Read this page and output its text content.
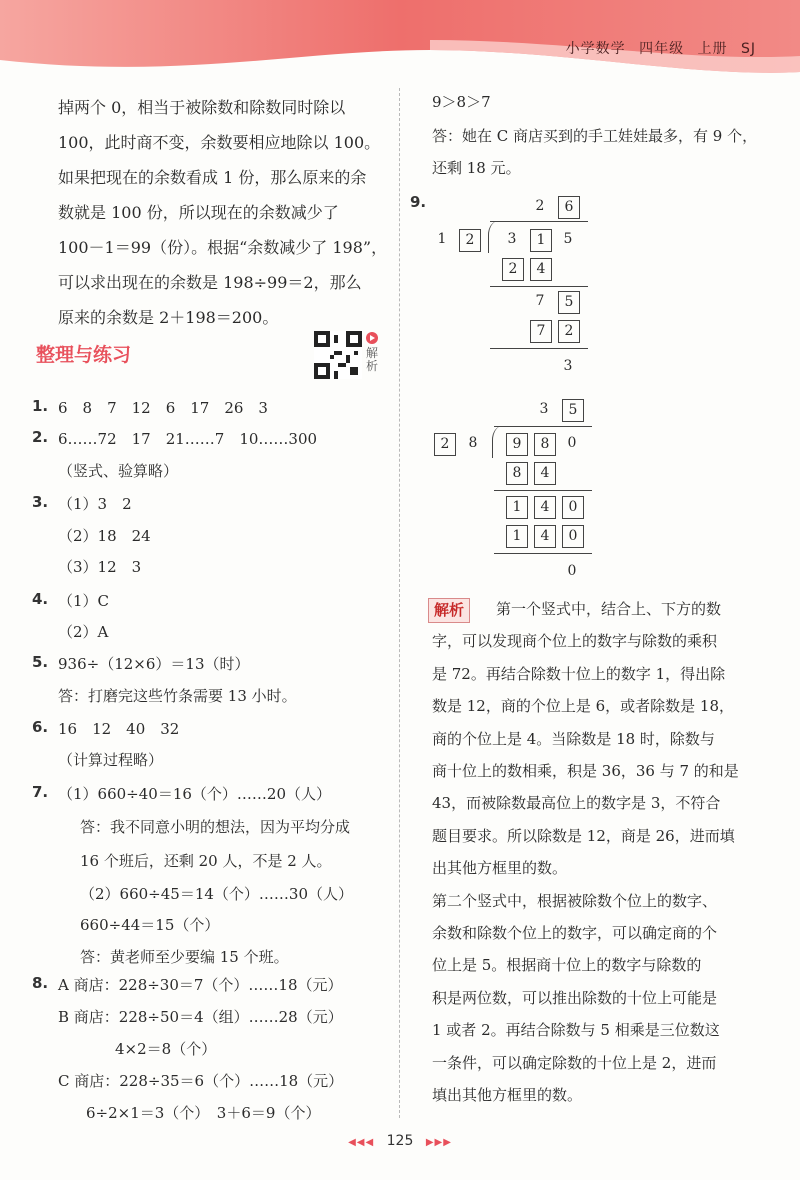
小学数学 四年级 上册 SJ

掉两个 0，相当于被除数和除数同时除以

100，此时商不变，余数要相应地除以 100。

如果把现在的余数看成 1 份，那么原来的余

数就是 100 份，所以现在的余数减少了

100－1＝99（份）。根据“余数减少了 198”，

可以求出现在的余数是 198÷99＝2，那么

原来的余数是 2＋198＝200。

整理与练习	解析
1. 6　8　7　12　6　17　26　3
2. 6……72　17　21……7　10……300
（竖式、验算略）
3. （1）3　2
（2）18　24
（3）12　3
4. （1）C
（2）A
5. 936÷（12×6）＝13（时）
答：打磨完这些竹条需要 13 小时。
6. 16　12　40　32
（计算过程略）
7. （1）660÷40＝16（个）……20（人）
答：我不同意小明的想法，因为平均分成
16 个班后，还剩 20 人，不是 2 人。
（2）660÷45＝14（个）……30（人）
660÷44＝15（个）
答：黄老师至少要编 15 个班。
8. A 商店：228÷30＝7（个）……18（元）
B 商店：228÷50＝4（组）……28（元）
4×2＝8（个）
C 商店：228÷35＝6（个）……18（元）
6÷2×1＝3（个）　3＋6＝9（个）
9＞8＞7
答：她在 C 商店买到的手工娃娃最多，有 9 个，
还剩 18 元。
9.	2	6
1	2	3	1	5
2	4
7	5
7	2
3
3	5
2	8	9	8	0
8	4
1	4	0
1	4	0
0
解析	第一个竖式中，结合上、下方的数
字，可以发现商个位上的数字与除数的乘积
是 72。再结合除数十位上的数字 1，得出除
数是 12，商的个位上是 6，或者除数是 18，
商的个位上是 4。当除数是 18 时，除数与
商十位上的数相乘，积是 36，36 与 7 的和是
43，而被除数最高位上的数字是 3，不符合
题目要求。所以除数是 12，商是 26，进而填
出其他方框里的数。
第二个竖式中，根据被除数个位上的数字、
余数和除数个位上的数字，可以确定商的个
位上是 5。根据商十位上的数字与除数的
积是两位数，可以推出除数的十位上可能是
1 或者 2。再结合除数与 5 相乘是三位数这
一条件，可以确定除数的十位上是 2，进而
填出其他方框里的数。
◀◀◀ 125 ▶▶▶
